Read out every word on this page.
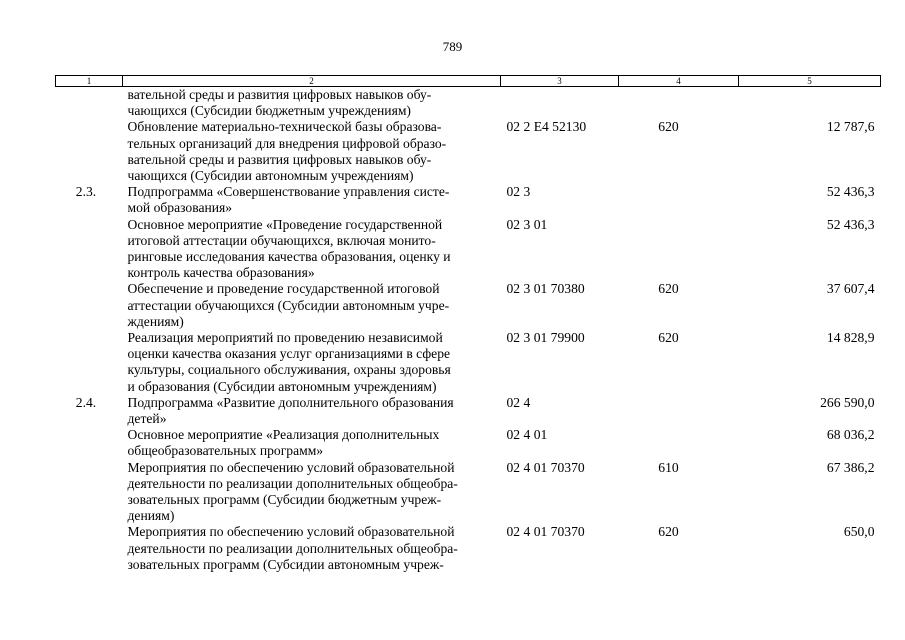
789
1	2	3	4	5

	вательной среды и развития цифровых навыков обу-
чающихся (Субсидии бюджетным учреждениям)			

	Обновление материально-технической базы образова-
тельных организаций для внедрения цифровой образо-
вательной среды и развития цифровых навыков обу-
чающихся (Субсидии автономным учреждениям)	02 2 Е4 52130	620	12 787,6
2.3.	Подпрограмма «Совершенствование управления систе-
мой образования»	02 3		52 436,3

	Основное мероприятие «Проведение государственной
итоговой аттестации обучающихся, включая монито-
ринговые исследования качества образования, оценку и
контроль качества образования»	02 3 01		52 436,3

	Обеспечение и проведение государственной итоговой
аттестации обучающихся (Субсидии автономным учре-
ждениям)	02 3 01 70380	620	37 607,4

	Реализация мероприятий по проведению независимой
оценки качества оказания услуг организациями в сфере
культуры, социального обслуживания, охраны здоровья
и образования (Субсидии автономным учреждениям)	02 3 01 79900	620	14 828,9
2.4.	Подпрограмма «Развитие дополнительного образования
детей»	02 4		266 590,0

	Основное мероприятие «Реализация дополнительных
общеобразовательных программ»	02 4 01		68 036,2

	Мероприятия по обеспечению условий образовательной
деятельности по реализации дополнительных общеобра-
зовательных программ (Субсидии бюджетным учреж-
дениям)	02 4 01 70370	610	67 386,2

	Мероприятия по обеспечению условий образовательной
деятельности по реализации дополнительных общеобра-
зовательных программ (Субсидии автономным учреж-	02 4 01 70370	620	650,0
